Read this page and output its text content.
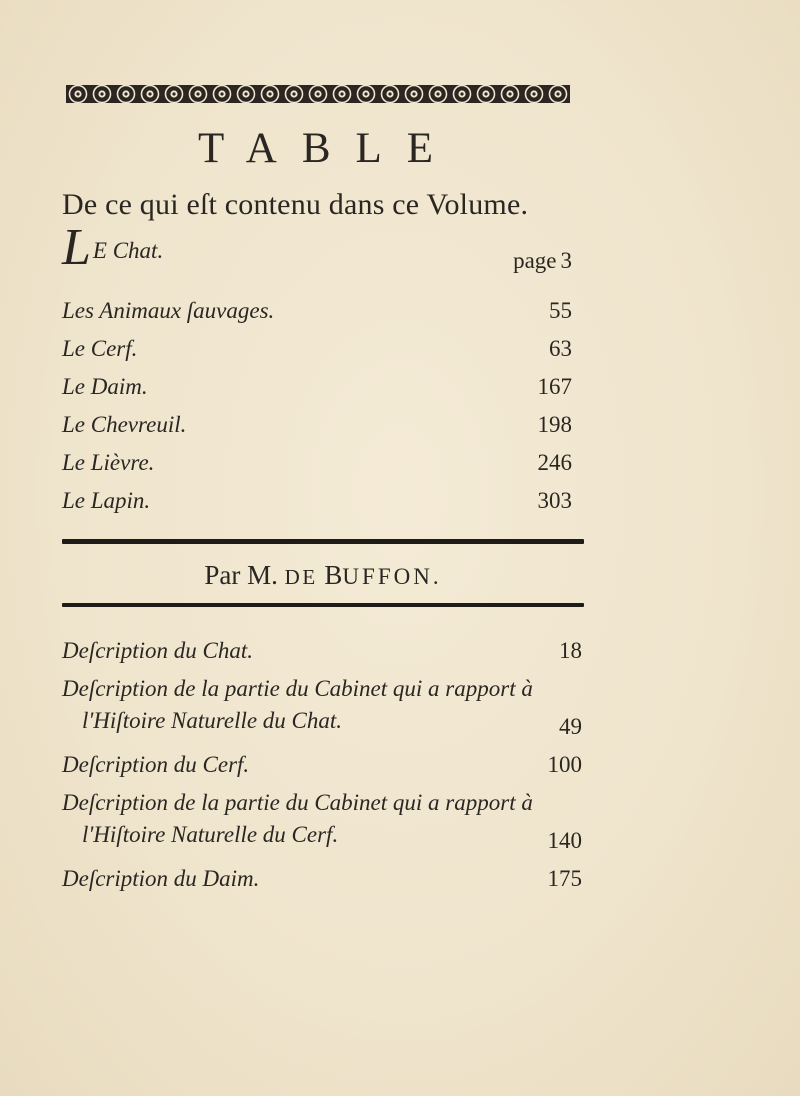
TABLE
De ce qui eſt contenu dans ce Volume.
LE Chat.	page 3
Les Animaux ſauvages.	55
Le Cerf.	63
Le Daim.	167
Le Chevreuil.	198
Le Lièvre.	246
Le Lapin.	303
Par M. DE BUFFON.
Deſcription du Chat.	18
Deſcription de la partie du Cabinet qui a rapport à
l'Hiſtoire Naturelle du Chat.	49
Deſcription du Cerf.	100
Deſcription de la partie du Cabinet qui a rapport à
l'Hiſtoire Naturelle du Cerf.	140
Deſcription du Daim.	175
